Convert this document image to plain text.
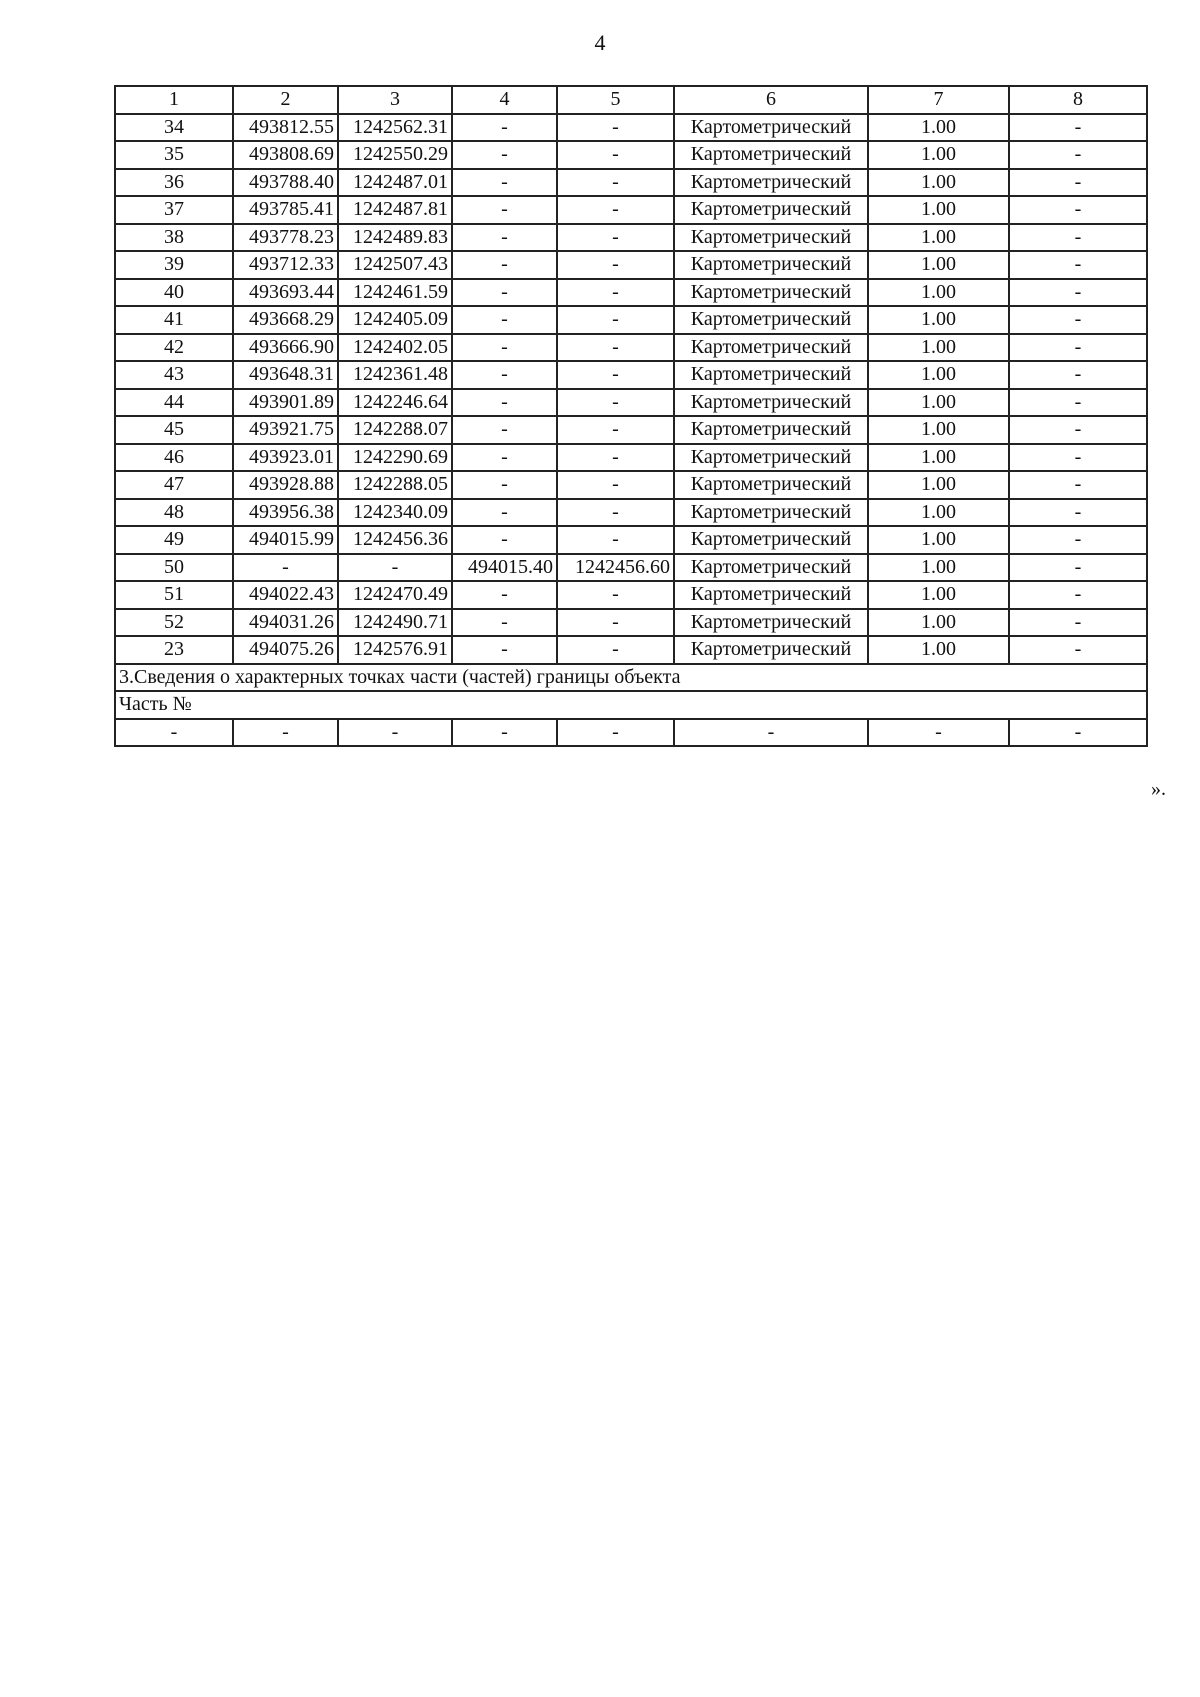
4
1	2	3	4	5	6	7	8
34	493812.55	1242562.31	-	-	Картометрический	1.00	-
35	493808.69	1242550.29	-	-	Картометрический	1.00	-
36	493788.40	1242487.01	-	-	Картометрический	1.00	-
37	493785.41	1242487.81	-	-	Картометрический	1.00	-
38	493778.23	1242489.83	-	-	Картометрический	1.00	-
39	493712.33	1242507.43	-	-	Картометрический	1.00	-
40	493693.44	1242461.59	-	-	Картометрический	1.00	-
41	493668.29	1242405.09	-	-	Картометрический	1.00	-
42	493666.90	1242402.05	-	-	Картометрический	1.00	-
43	493648.31	1242361.48	-	-	Картометрический	1.00	-
44	493901.89	1242246.64	-	-	Картометрический	1.00	-
45	493921.75	1242288.07	-	-	Картометрический	1.00	-
46	493923.01	1242290.69	-	-	Картометрический	1.00	-
47	493928.88	1242288.05	-	-	Картометрический	1.00	-
48	493956.38	1242340.09	-	-	Картометрический	1.00	-
49	494015.99	1242456.36	-	-	Картометрический	1.00	-
50	-	-	494015.40	1242456.60	Картометрический	1.00	-
51	494022.43	1242470.49	-	-	Картометрический	1.00	-
52	494031.26	1242490.71	-	-	Картометрический	1.00	-
23	494075.26	1242576.91	-	-	Картометрический	1.00	-
3.Сведения о характерных точках части (частей) границы объекта							
Часть №							
-	-	-	-	-	-	-	-
».
